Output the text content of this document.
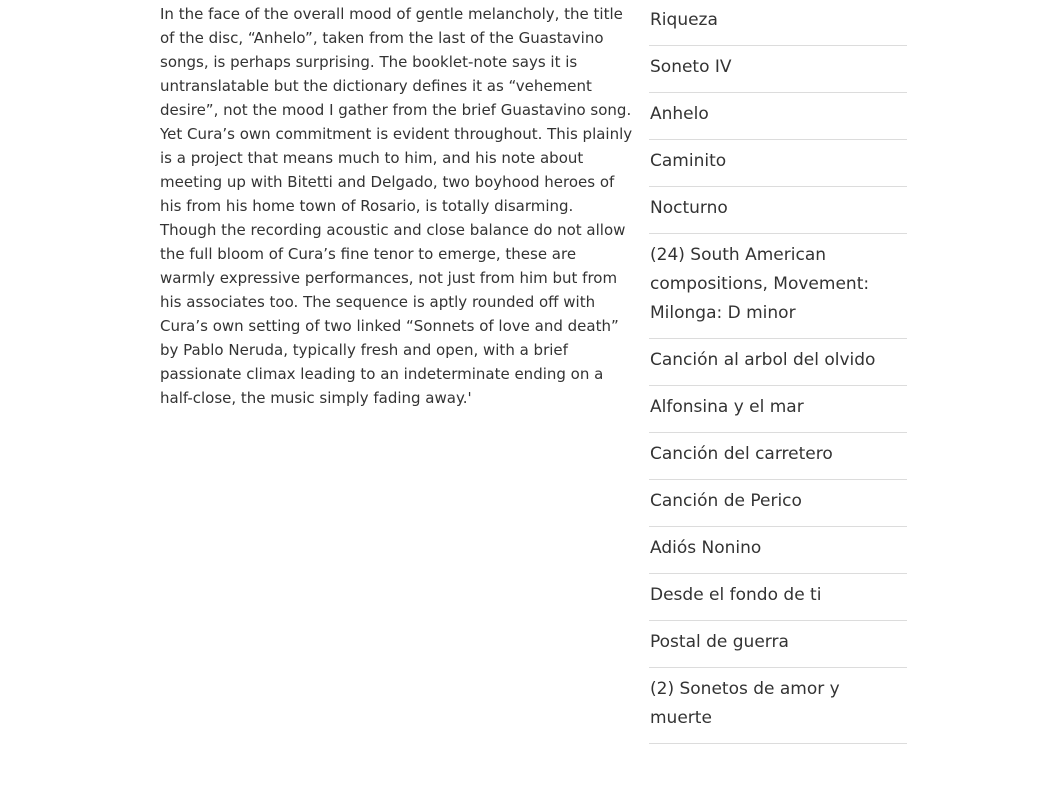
In the face of the overall mood of gentle melancholy, the title of the disc, “Anhelo”, taken from the last of the Guastavino songs, is perhaps surprising. The booklet-note says it is untranslatable but the dictionary defines it as “vehement desire”, not the mood I gather from the brief Guastavino song. Yet Cura’s own commitment is evident throughout. This plainly is a project that means much to him, and his note about meeting up with Bitetti and Delgado, two boyhood heroes of his from his home town of Rosario, is totally disarming.

Though the recording acoustic and close balance do not allow the full bloom of Cura’s fine tenor to emerge, these are warmly expressive performances, not just from him but from his associates too. The sequence is aptly rounded off with Cura’s own setting of two linked “Sonnets of love and death” by Pablo Neruda, typically fresh and open, with a brief passionate climax leading to an indeterminate ending on a half-close, the music simply fading away.'

Riqueza
Soneto IV
Anhelo
Caminito
Nocturno
(24) South American compositions, Movement: Milonga: D minor
Canción al arbol del olvido
Alfonsina y el mar
Canción del carretero
Canción de Perico
Adiós Nonino
Desde el fondo de ti
Postal de guerra
(2) Sonetos de amor y muerte
